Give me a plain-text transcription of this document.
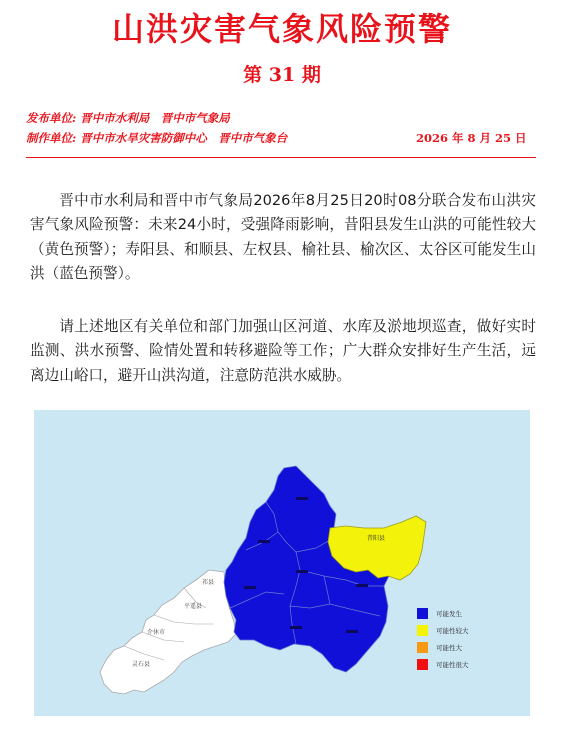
山洪灾害气象风险预警
第 31 期
发布单位: 晋中市水利局　晋中市气象局
制作单位: 晋中市水旱灾害防御中心　晋中市气象台	2026 年 8 月 25 日
晋中市水利局和晋中市气象局2026年8月25日20时08分联合发布山洪灾害气象风险预警：未来24小时，受强降雨影响，昔阳县发生山洪的可能性较大（黄色预警）；寿阳县、和顺县、左权县、榆社县、榆次区、太谷区可能发生山洪（蓝色预警）。
请上述地区有关单位和部门加强山区河道、水库及淤地坝巡查，做好实时监测、洪水预警、险情处置和转移避险等工作；广大群众安排好生产生活，远离边山峪口，避开山洪沟道，注意防范洪水威胁。
昔阳县
祁县
平遥县
介休市
灵石县
可能发生
可能性较大
可能性大
可能性很大
